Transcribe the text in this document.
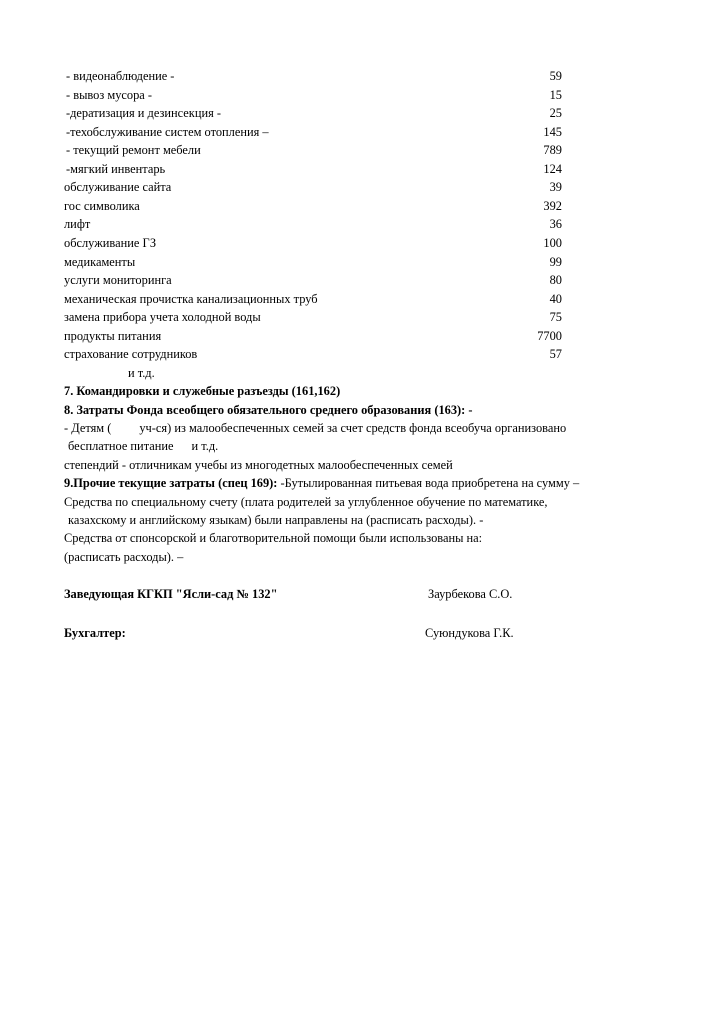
- видеонаблюдение -	59
- вывоз мусора -	15
-дератизация и дезинсекция -	25
-техобслуживание систем отопления –	145
- текущий ремонт мебели	789
-мягкий инвентарь	124
обслуживание сайта	39
гос символика	392
лифт	36
обслуживание ГЗ	100
медикаменты	99
услуги мониторинга	80
механическая прочистка канализационных труб	40
замена прибора учета холодной воды	75
продукты питания	7700
страхование сотрудников	57
и т.д.
7. Командировки и служебные разъезды (161,162)
8. Затраты Фонда всеобщего обязательного среднего образования (163): -
- Детям ( уч-ся) из малообеспеченных семей за счет средств фонда всеобуча организовано
бесплатное питание и т.д.
степендий - отличникам учебы из многодетных малообеспеченных семей
9.Прочие текущие затраты (спец 169): -Бутылированная питьевая вода приобретена на сумму –
Средства по специальному счету (плата родителей за углубленное обучение по математике,
казахскому и английскому языкам) были направлены на (расписать расходы). -
Средства от спонсорской и благотворительной помощи были использованы на:
(расписать расходы). –
Заведующая КГКП "Ясли-сад № 132"	Заурбекова С.О.
Бухгалтер:	Суюндукова Г.К.
